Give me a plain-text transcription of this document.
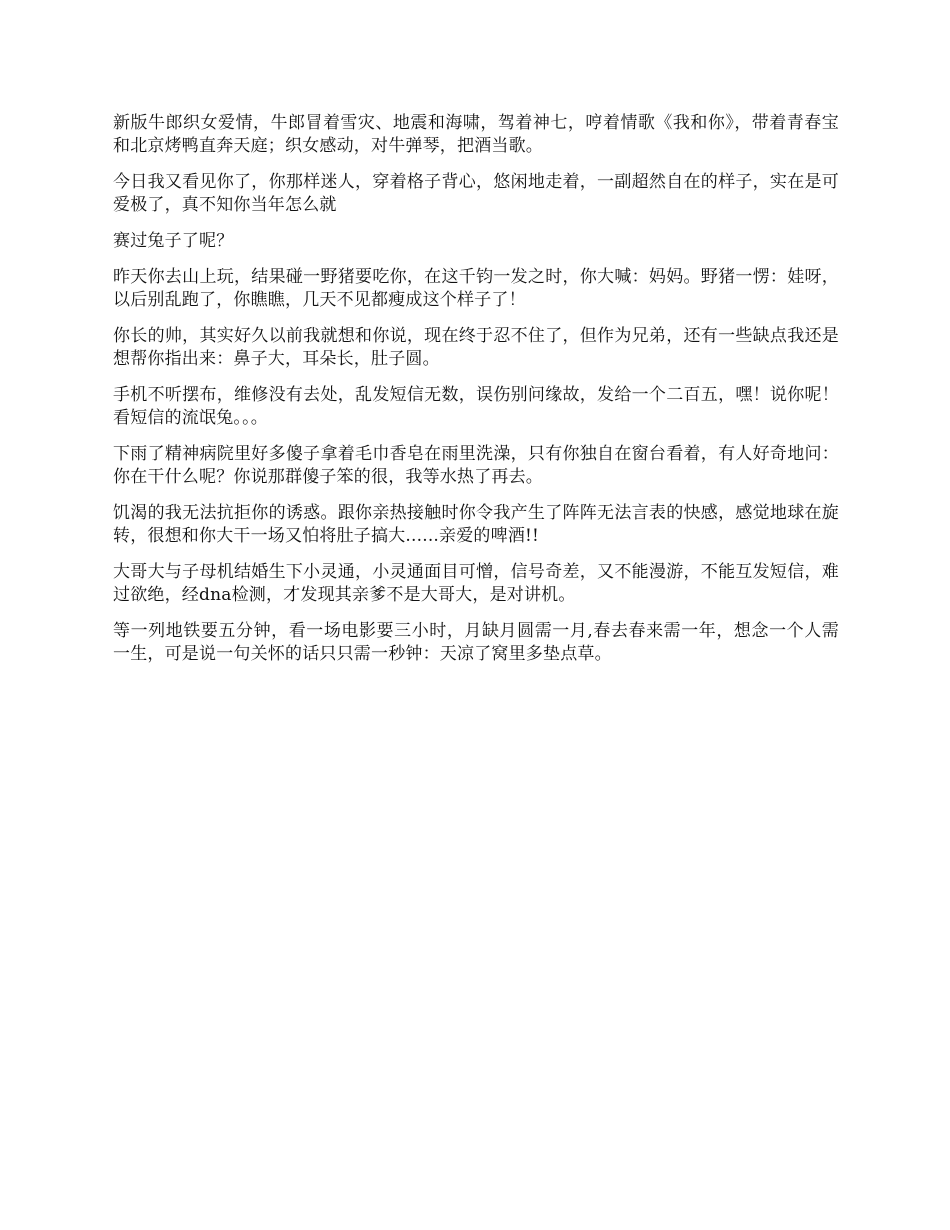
新版牛郎织女爱情，牛郎冒着雪灾、地震和海啸，驾着神七，哼着情歌《我和你》，带着青春宝和北京烤鸭直奔天庭；织女感动，对牛弹琴，把酒当歌。

今日我又看见你了，你那样迷人，穿着格子背心，悠闲地走着，一副超然自在的样子，实在是可爱极了，真不知你当年怎么就

赛过兔子了呢？

昨天你去山上玩，结果碰一野猪要吃你，在这千钧一发之时，你大喊：妈妈。野猪一愣：娃呀，以后别乱跑了，你瞧瞧，几天不见都瘦成这个样子了！

你长的帅，其实好久以前我就想和你说，现在终于忍不住了，但作为兄弟，还有一些缺点我还是想帮你指出来：鼻子大，耳朵长，肚子圆。

手机不听摆布，维修没有去处，乱发短信无数，误伤别问缘故，发给一个二百五，嘿！说你呢！看短信的流氓兔。。。

下雨了精神病院里好多傻子拿着毛巾香皂在雨里洗澡，只有你独自在窗台看着，有人好奇地问：你在干什么呢？你说那群傻子笨的很，我等水热了再去。

饥渴的我无法抗拒你的诱惑。跟你亲热接触时你令我产生了阵阵无法言表的快感，感觉地球在旋转，很想和你大干一场又怕将肚子搞大......亲爱的啤酒!!

大哥大与子母机结婚生下小灵通，小灵通面目可憎，信号奇差，又不能漫游，不能互发短信，难过欲绝，经dna检测，才发现其亲爹不是大哥大，是对讲机。

等一列地铁要五分钟，看一场电影要三小时，月缺月圆需一月,春去春来需一年，想念一个人需一生，可是说一句关怀的话只只需一秒钟：天凉了窝里多垫点草。
